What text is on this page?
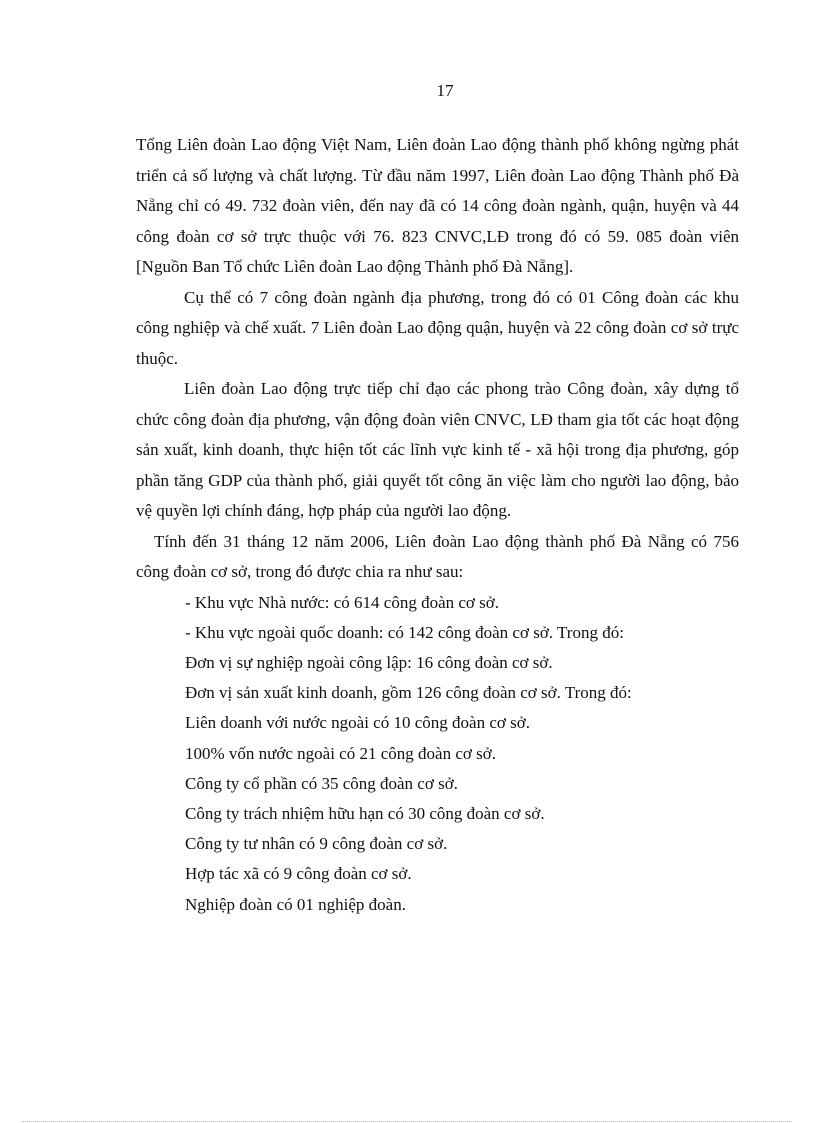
17

Tổng Liên đoàn Lao động Việt Nam, Liên đoàn Lao động thành phố không ngừng phát triển cả số lượng và chất lượng. Từ đầu năm 1997, Liên đoàn Lao động Thành phố Đà Nẵng chỉ có 49. 732 đoàn viên, đến nay đã có 14 công đoàn ngành, quận, huyện và 44 công đoàn cơ sở trực thuộc với 76. 823 CNVC,LĐ trong đó có 59. 085 đoàn viên [Nguồn Ban Tổ chức Lìên đoàn Lao động Thành phố Đà Nẵng].

Cụ thể có 7 công đoàn ngành địa phương, trong đó có 01 Công đoàn các khu công nghiệp và chế xuất. 7 Liên đoàn Lao động quận, huyện và 22 công đoàn cơ sở trực thuộc.

Liên đoàn Lao động trực tiếp chỉ đạo các phong trào Công đoàn, xây dựng tổ chức công đoàn địa phương, vận động đoàn viên CNVC, LĐ tham gia tốt các hoạt động sản xuất, kinh doanh, thực hiện tốt các lĩnh vực kinh tế - xã hội trong địa phương, góp phần tăng GDP của thành phố, giải quyết tốt công ăn việc làm cho người lao động, bảo vệ quyền lợi chính đáng, hợp pháp của người lao động.

Tính đến 31 tháng 12 năm 2006, Liên đoàn Lao động thành phố Đà Nẵng có 756 công đoàn cơ sở, trong đó được chia ra như sau:

- Khu vực Nhà nước: có 614 công đoàn cơ sở.

- Khu vực ngoài quốc doanh: có 142 công đoàn cơ sở. Trong đó:

Đơn vị sự nghiệp ngoài công lập: 16 công đoàn cơ sở.

Đơn vị sản xuất kinh doanh, gồm 126 công đoàn cơ sở. Trong đó:

Liên doanh với nước ngoài có 10 công đoàn cơ sở.

100% vốn nước ngoài có 21 công đoàn cơ sở.

Công ty cổ phần có 35 công đoàn cơ sở.

Công ty trách nhiệm hữu hạn có 30 công đoàn cơ sở.

Công ty tư nhân có 9 công đoàn cơ sở.

Hợp tác xã có 9 công đoàn cơ sở.

Nghiệp đoàn có 01 nghiệp đoàn.
